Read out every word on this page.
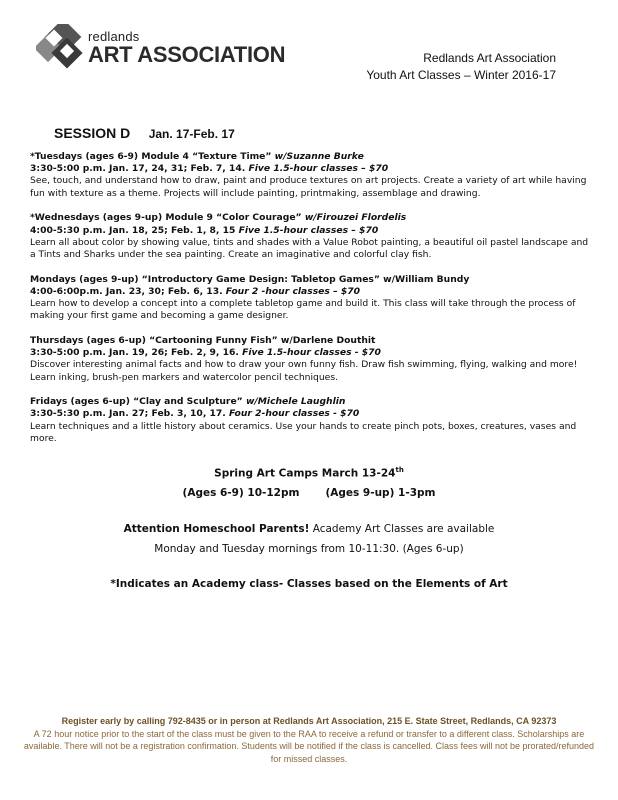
redlands
ART ASSOCIATION	Redlands Art Association
Youth Art Classes – Winter 2016-17
SESSION D Jan. 17-Feb. 17
*Tuesdays (ages 6-9) Module 4 “Texture Time” w/Suzanne Burke
3:30-5:00 p.m. Jan. 17, 24, 31; Feb. 7, 14. Five 1.5-hour classes – $70
See, touch, and understand how to draw, paint and produce textures on art projects. Create a variety of art while having fun with texture as a theme. Projects will include painting, printmaking, assemblage and drawing.
*Wednesdays (ages 9-up) Module 9 “Color Courage” w/Firouzei Flordelis
4:00-5:30 p.m. Jan. 18, 25; Feb. 1, 8, 15 Five 1.5-hour classes – $70
Learn all about color by showing value, tints and shades with a Value Robot painting, a beautiful oil pastel landscape and a Tints and Sharks under the sea painting. Create an imaginative and colorful clay fish.
Mondays (ages 9-up) “Introductory Game Design: Tabletop Games” w/William Bundy
4:00-6:00p.m. Jan. 23, 30; Feb. 6, 13. Four 2 -hour classes – $70
Learn how to develop a concept into a complete tabletop game and build it. This class will take through the process of making your first game and becoming a game designer.
Thursdays (ages 6-up) “Cartooning Funny Fish” w/Darlene Douthit
3:30-5:00 p.m. Jan. 19, 26; Feb. 2, 9, 16. Five 1.5-hour classes - $70
Discover interesting animal facts and how to draw your own funny fish. Draw fish swimming, flying, walking and more! Learn inking, brush-pen markers and watercolor pencil techniques.
Fridays (ages 6-up) “Clay and Sculpture” w/Michele Laughlin
3:30-5:30 p.m. Jan. 27; Feb. 3, 10, 17. Four 2-hour classes - $70
Learn techniques and a little history about ceramics. Use your hands to create pinch pots, boxes, creatures, vases and more.
Spring Art Camps March 13-24th
(Ages 6-9) 10-12pm (Ages 9-up) 1-3pm
Attention Homeschool Parents! Academy Art Classes are available
Monday and Tuesday mornings from 10-11:30. (Ages 6-up)
*Indicates an Academy class- Classes based on the Elements of Art
Register early by calling 792-8435 or in person at Redlands Art Association, 215 E. State Street, Redlands, CA 92373
A 72 hour notice prior to the start of the class must be given to the RAA to receive a refund or transfer to a different class. Scholarships are available. There will not be a registration confirmation. Students will be notified if the class is cancelled. Class fees will not be prorated/refunded for missed classes.
